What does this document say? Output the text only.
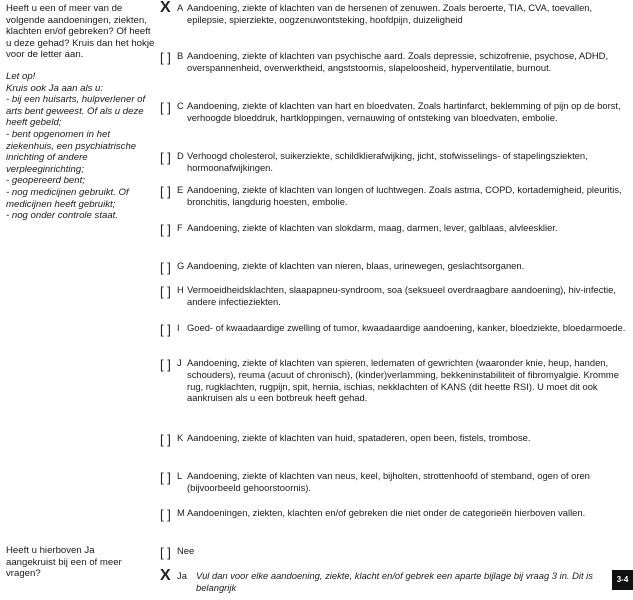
Heeft u een of meer van de volgende aandoeningen, ziekten, klachten en/of gebreken? Of heeft u deze gehad? Kruis dan het hokje voor de letter aan.
Let op!
Kruis ook Ja aan als u:
- bij een huisarts, hulpverlener of arts bent geweest. Of als u deze heeft gebeld;
- bent opgenomen in het ziekenhuis, een psychiatrische inrichting of andere verpleeginrichting;
- geopereerd bent;
- nog medicijnen gebruikt. Of medicijnen heeft gebruikt;
- nog onder controle staat.
X A Aandoening, ziekte of klachten van de hersenen of zenuwen. Zoals beroerte, TIA, CVA, toevallen, epilepsie, spierziekte, oogzenuwontsteking, hoofdpijn, duizeligheid
[ ] B Aandoening, ziekte of klachten van psychische aard. Zoals depressie, schizofrenie, psychose, ADHD, overspannenheid, overwerktheid, angststoornis, slapeloosheid, hyperventilatie, burnout.
[ ] C Aandoening, ziekte of klachten van hart en bloedvaten. Zoals hartinfarct, beklemming of pijn op de borst, verhoogde bloeddruk, hartkloppingen, vernauwing of ontsteking van bloedvaten, embolie.
[ ] D Verhoogd cholesterol, suikerziekte, schildklierafwijking, jicht, stofwisselings- of stapelingsziekten, hormoonafwijkingen.
[ ] E Aandoening, ziekte of klachten van longen of luchtwegen. Zoals astma, COPD, kortademigheid, pleuritis, bronchitis, langdurig hoesten, embolie.
[ ] F Aandoening, ziekte of klachten van slokdarm, maag, darmen, lever, galblaas, alvleesklier.
[ ] G Aandoening, ziekte of klachten van nieren, blaas, urinewegen, geslachtsorganen.
[ ] H Vermoeidheidsklachten, slaapapneu-syndroom, soa (seksueel overdraagbare aandoening), hiv-infectie, andere infectieziekten.
[ ] I Goed- of kwaadaardige zwelling of tumor, kwaadaardige aandoening, kanker, bloedziekte, bloedarmoede.
[ ] J Aandoening, ziekte of klachten van spieren, ledematen of gewrichten (waaronder knie, heup, handen, schouders), reuma (acuut of chronisch), (kinder)verlamming, bekkeninstabiliteit of fibromyalgie. Kromme rug, rugklachten, rugpijn, spit, hernia, ischias, nekklachten of KANS (dit heette RSI). U moet dit ook aankruisen als u een botbreuk heeft gehad.
[ ] K Aandoening, ziekte of klachten van huid, spataderen, open been, fistels, trombose.
[ ] L Aandoening, ziekte of klachten van neus, keel, bijholten, strottenhoofd of stemband, ogen of oren (bijvoorbeeld gehoorstoornis).
[ ] M Aandoeningen, ziekten, klachten en/of gebreken die niet onder de categorieën hierboven vallen.
Heeft u hierboven Ja aangekruist bij een of meer vragen?
[ ] Nee
X Ja Vul dan voor elke aandoening, ziekte, klacht en/of gebrek een aparte bijlage bij vraag 3 in. Dit is belangrijk
3-4
